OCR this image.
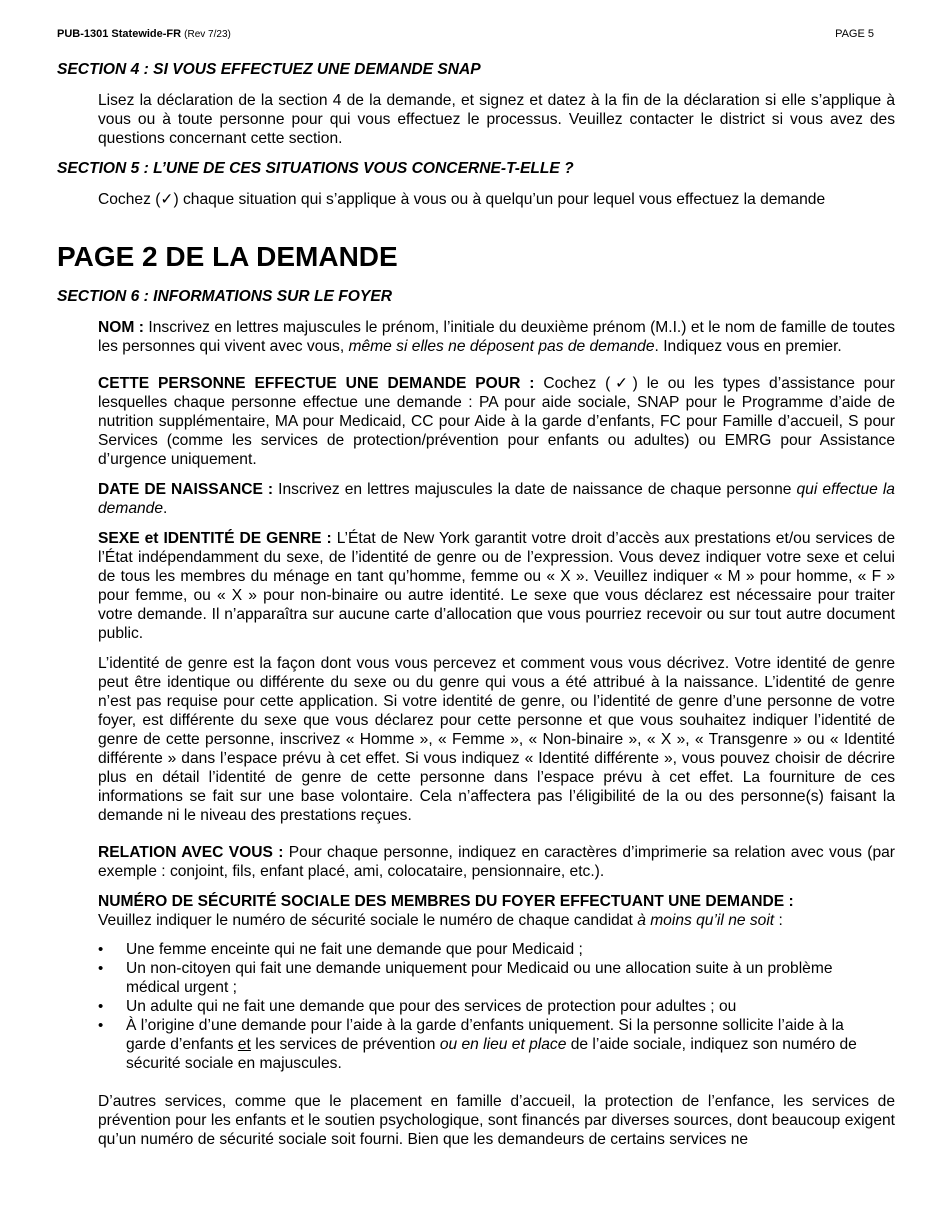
PUB-1301 Statewide-FR (Rev 7/23)	PAGE 5
SECTION 4 : SI VOUS EFFECTUEZ UNE DEMANDE SNAP

Lisez la déclaration de la section 4 de la demande, et signez et datez à la fin de la déclaration si elle s’applique à vous ou à toute personne pour qui vous effectuez le processus. Veuillez contacter le district si vous avez des questions concernant cette section.

SECTION 5 : L’UNE DE CES SITUATIONS VOUS CONCERNE-T-ELLE ?

Cochez (✓) chaque situation qui s’applique à vous ou à quelqu’un pour lequel vous effectuez la demande

PAGE 2 DE LA DEMANDE
SECTION 6 : INFORMATIONS SUR LE FOYER

NOM : Inscrivez en lettres majuscules le prénom, l’initiale du deuxième prénom (M.I.) et le nom de famille de toutes les personnes qui vivent avec vous, même si elles ne déposent pas de demande. Indiquez vous en premier.

CETTE PERSONNE EFFECTUE UNE DEMANDE POUR : Cochez (✓) le ou les types d’assistance pour lesquelles chaque personne effectue une demande : PA pour aide sociale, SNAP pour le Programme d’aide de nutrition supplémentaire, MA pour Medicaid, CC pour Aide à la garde d’enfants, FC pour Famille d’accueil, S pour Services (comme les services de protection/prévention pour enfants ou adultes) ou EMRG pour Assistance d’urgence uniquement.

DATE DE NAISSANCE : Inscrivez en lettres majuscules la date de naissance de chaque personne qui effectue la demande.

SEXE et IDENTITÉ DE GENRE : L’État de New York garantit votre droit d’accès aux prestations et/ou services de l’État indépendamment du sexe, de l’identité de genre ou de l’expression. Vous devez indiquer votre sexe et celui de tous les membres du ménage en tant qu’homme, femme ou « X ». Veuillez indiquer « M » pour homme, « F » pour femme, ou « X » pour non-binaire ou autre identité. Le sexe que vous déclarez est nécessaire pour traiter votre demande. Il n’apparaîtra sur aucune carte d’allocation que vous pourriez recevoir ou sur tout autre document public.

L’identité de genre est la façon dont vous vous percevez et comment vous vous décrivez. Votre identité de genre peut être identique ou différente du sexe ou du genre qui vous a été attribué à la naissance. L’identité de genre n’est pas requise pour cette application. Si votre identité de genre, ou l’identité de genre d’une personne de votre foyer, est différente du sexe que vous déclarez pour cette personne et que vous souhaitez indiquer l’identité de genre de cette personne, inscrivez « Homme », « Femme », « Non-binaire », « X », « Transgenre » ou « Identité différente » dans l’espace prévu à cet effet. Si vous indiquez « Identité différente », vous pouvez choisir de décrire plus en détail l’identité de genre de cette personne dans l’espace prévu à cet effet. La fourniture de ces informations se fait sur une base volontaire. Cela n’affectera pas l’éligibilité de la ou des personne(s) faisant la demande ni le niveau des prestations reçues.

RELATION AVEC VOUS : Pour chaque personne, indiquez en caractères d’imprimerie sa relation avec vous (par exemple : conjoint, fils, enfant placé, ami, colocataire, pensionnaire, etc.).

NUMÉRO DE SÉCURITÉ SOCIALE DES MEMBRES DU FOYER EFFECTUANT UNE DEMANDE :
Veuillez indiquer le numéro de sécurité sociale le numéro de chaque candidat à moins qu’il ne soit :

•	Une femme enceinte qui ne fait une demande que pour Medicaid ;
•	Un non-citoyen qui fait une demande uniquement pour Medicaid ou une allocation suite à un problème médical urgent ;
•	Un adulte qui ne fait une demande que pour des services de protection pour adultes ; ou
•	À l’origine d’une demande pour l’aide à la garde d’enfants uniquement. Si la personne sollicite l’aide à la garde d’enfants et les services de prévention ou en lieu et place de l’aide sociale, indiquez son numéro de sécurité sociale en majuscules.

D’autres services, comme que le placement en famille d’accueil, la protection de l’enfance, les services de prévention pour les enfants et le soutien psychologique, sont financés par diverses sources, dont beaucoup exigent qu’un numéro de sécurité sociale soit fourni. Bien que les demandeurs de certains services ne
